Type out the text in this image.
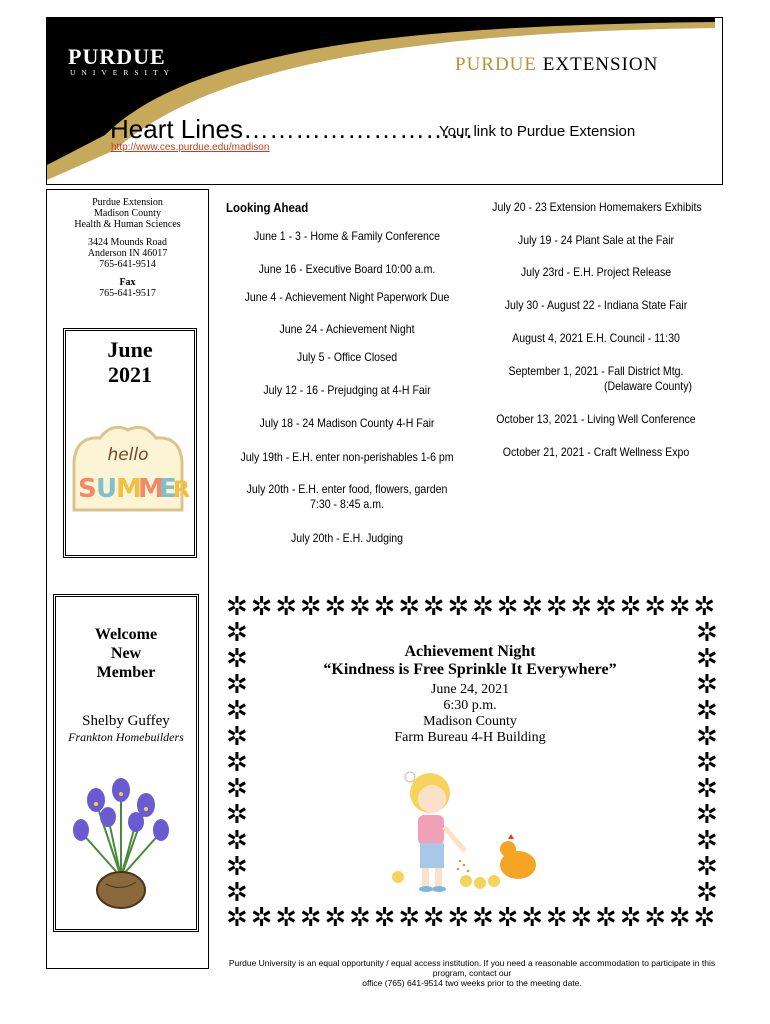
PURDUE
UNIVERSITY	PURDUE EXTENSION
Heart Lines……………………...
Your link to Purdue Extension
http://www.ces.purdue.edu/madison
Purdue Extension
Madison County
Health & Human Sciences
3424 Mounds Road
Anderson IN 46017
765-641-9514
Fax
765-641-9517
June
2021
hello
S U
M
M
E
R
Welcome
New
Member
Shelby Guffey
Frankton Homebuilders
Looking Ahead
June 1 - 3 - Home & Family Conference
June 16 - Executive Board 10:00 a.m.
June 4 - Achievement Night Paperwork Due
June 24 - Achievement Night
July 5 - Office Closed
July 12 - 16 - Prejudging at 4-H Fair
July 18 - 24 Madison County 4-H Fair
July 19th - E.H. enter non-perishables 1-6 pm
July 20th - E.H. enter food, flowers, garden
7:30 - 8:45 a.m.
July 20th - E.H. Judging
July 20 - 23 Extension Homemakers Exhibits
July 19 - 24 Plant Sale at the Fair
July 23rd - E.H. Project Release
July 30 - August 22 - Indiana State Fair
August 4, 2021 E.H. Council - 11:30
September 1, 2021 - Fall District Mtg.
(Delaware County)
October 13, 2021 - Living Well Conference
October 21, 2021 - Craft Wellness Expo
✲
✲
✲
✲
✲
✲
✲
✲
✲
✲
✲
✲
✲
✲
✲
✲
✲
✲
✲
✲
✲
✲
✲
✲
✲
✲
✲
✲
✲
✲
✲
✲
✲
✲
✲
✲
✲
✲
✲
✲
✲	✲
✲	✲
✲	✲
✲	✲
✲	✲
✲	✲
✲	✲
✲	✲
✲	✲
✲	✲
✲	✲
Achievement Night
“Kindness is Free Sprinkle It Everywhere”
June 24, 2021
6:30 p.m.
Madison County
Farm Bureau 4-H Building
Purdue University is an equal opportunity / equal access institution. If you need a reasonable accommodation to participate in this program, contact our
office (765) 641-9514 two weeks prior to the meeting date.
